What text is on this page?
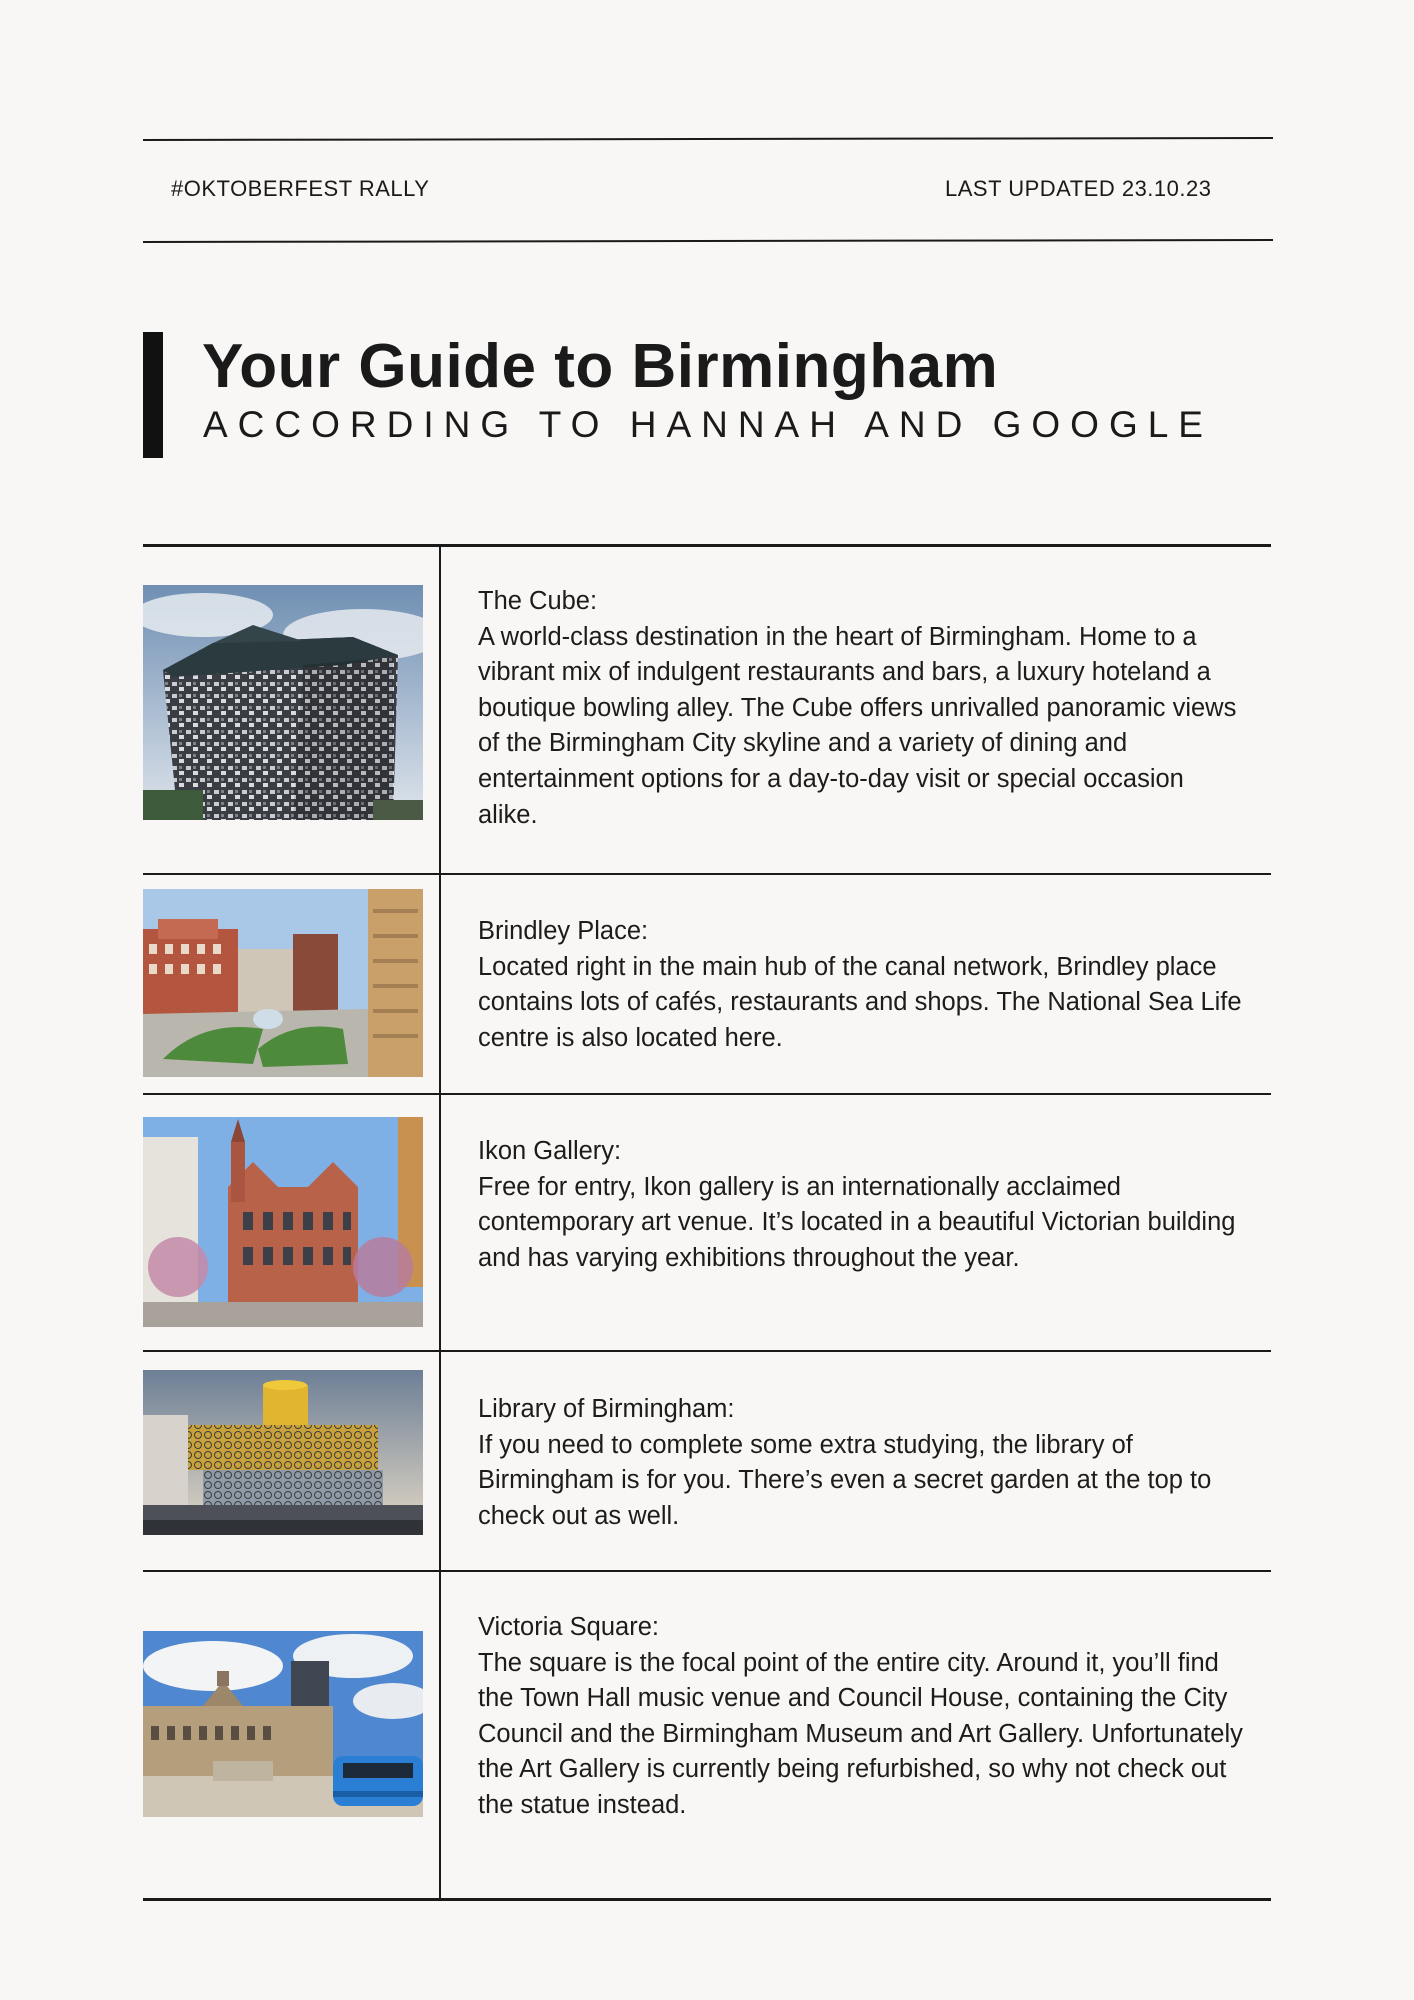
#OKTOBERFEST RALLY	LAST UPDATED 23.10.23
Your Guide to Birmingham
ACCORDING TO HANNAH AND GOOGLE
The Cube:
A world-class destination in the heart of Birmingham. Home to a vibrant mix of indulgent restaurants and bars, a luxury hoteland a boutique bowling alley. The Cube offers unrivalled panoramic views of the Birmingham City skyline and a variety of dining and entertainment options for a day-to-day visit or special occasion alike.
Brindley Place:
Located right in the main hub of the canal network, Brindley place contains lots of cafés, restaurants and shops. The National Sea Life centre is also located here.
Ikon Gallery:
Free for entry, Ikon gallery is an internationally acclaimed contemporary art venue. It’s located in a beautiful Victorian building and has varying exhibitions throughout the year.
Library of Birmingham:
If you need to complete some extra studying, the library of Birmingham is for you. There’s even a secret garden at the top to check out as well.
Victoria Square:
The square is the focal point of the entire city. Around it, you’ll find the Town Hall music venue and Council House, containing the City Council and the Birmingham Museum and Art Gallery. Unfortunately the Art Gallery is currently being refurbished, so why not check out the statue instead.
